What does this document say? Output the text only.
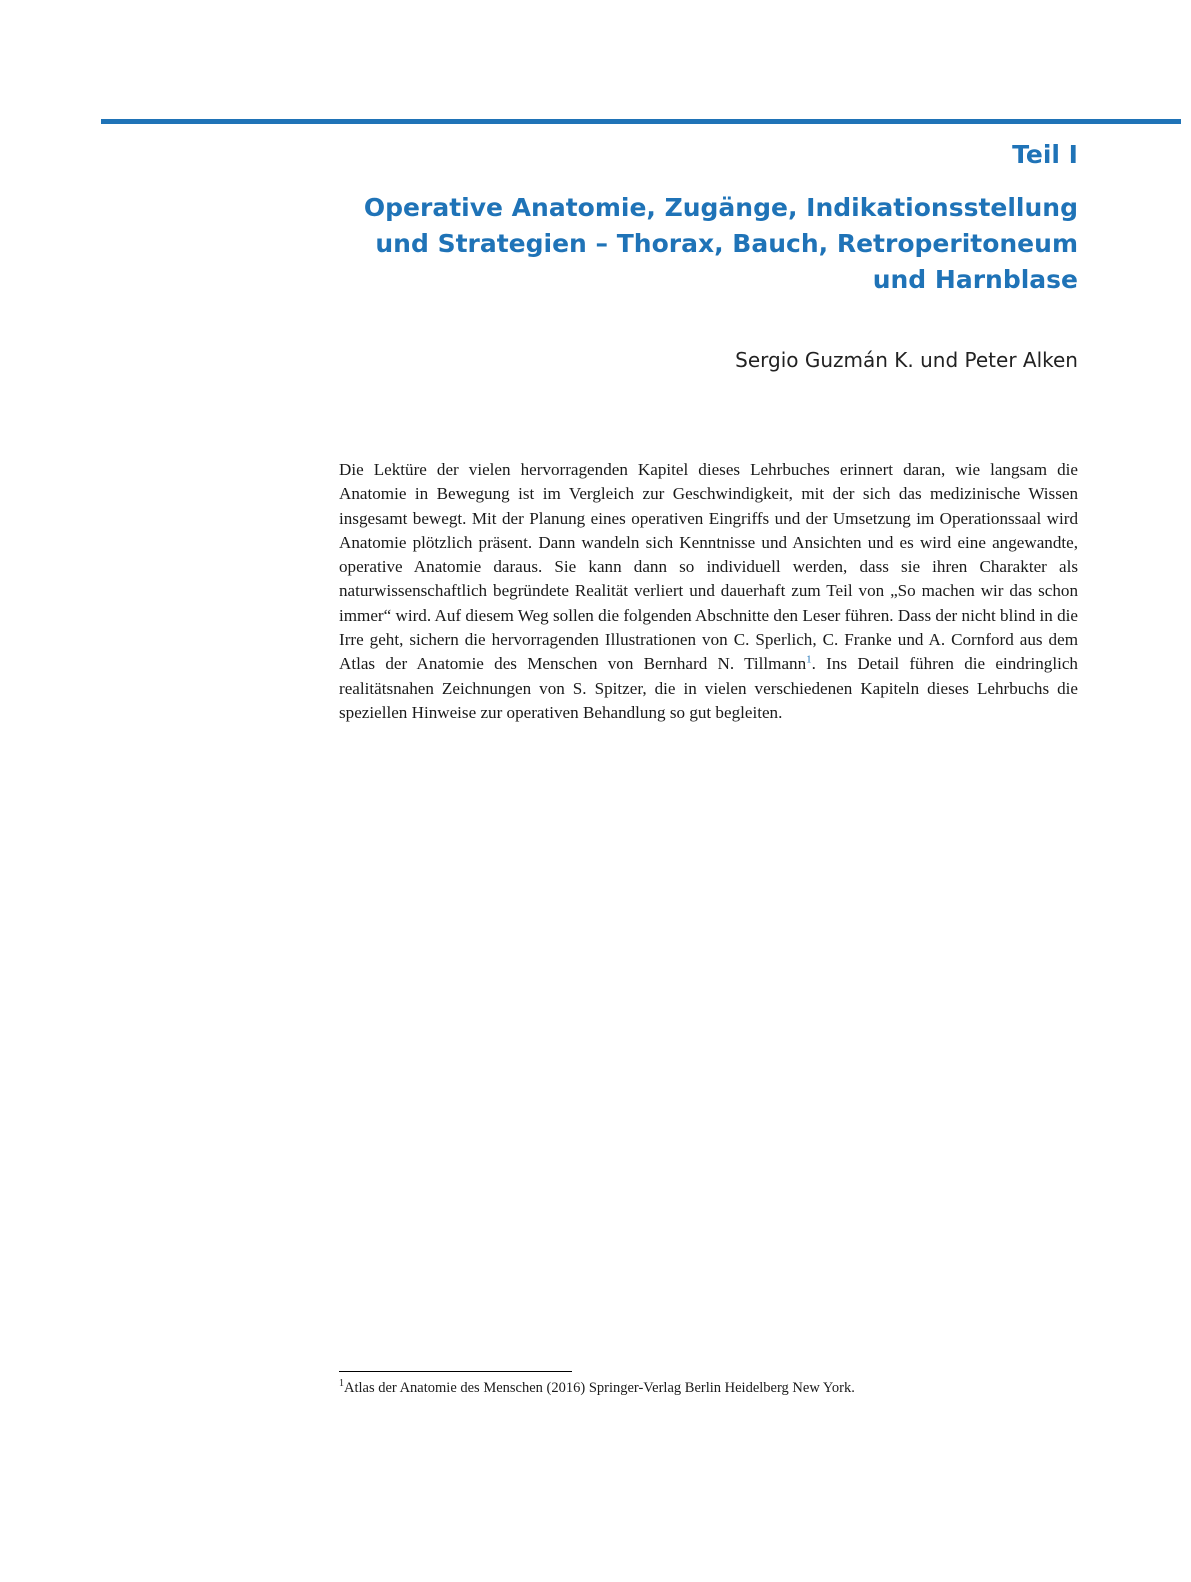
Teil I
Operative Anatomie, Zugänge, Indikationsstellung
und Strategien – Thorax, Bauch, Retroperitoneum
und Harnblase

Sergio Guzmán K. und Peter Alken

Die Lektüre der vielen hervorragenden Kapitel dieses Lehrbuches erinnert daran, wie langsam die Anatomie in Bewegung ist im Vergleich zur Geschwindigkeit, mit der sich das medizinische Wissen insgesamt bewegt. Mit der Planung eines operativen Eingriffs und der Umsetzung im Operationssaal wird Anatomie plötzlich präsent. Dann wandeln sich Kenntnisse und Ansichten und es wird eine angewandte, operative Anatomie daraus. Sie kann dann so individuell werden, dass sie ihren Charakter als naturwissenschaftlich begründete Realität verliert und dauerhaft zum Teil von „So machen wir das schon immer“ wird. Auf diesem Weg sollen die folgenden Abschnitte den Leser führen. Dass der nicht blind in die Irre geht, sichern die hervorragenden Illustrationen von C. Sperlich, C. Franke und A. Cornford aus dem Atlas der Anatomie des Menschen von Bernhard N. Tillmann$^1$. Ins Detail führen die eindringlich realitätsnahen Zeichnungen von S. Spitzer, die in vielen verschiedenen Kapiteln dieses Lehrbuchs die speziellen Hinweise zur operativen Behandlung so gut begleiten.

$^1$Atlas der Anatomie des Menschen (2016) Springer-Verlag Berlin Heidelberg New York.
